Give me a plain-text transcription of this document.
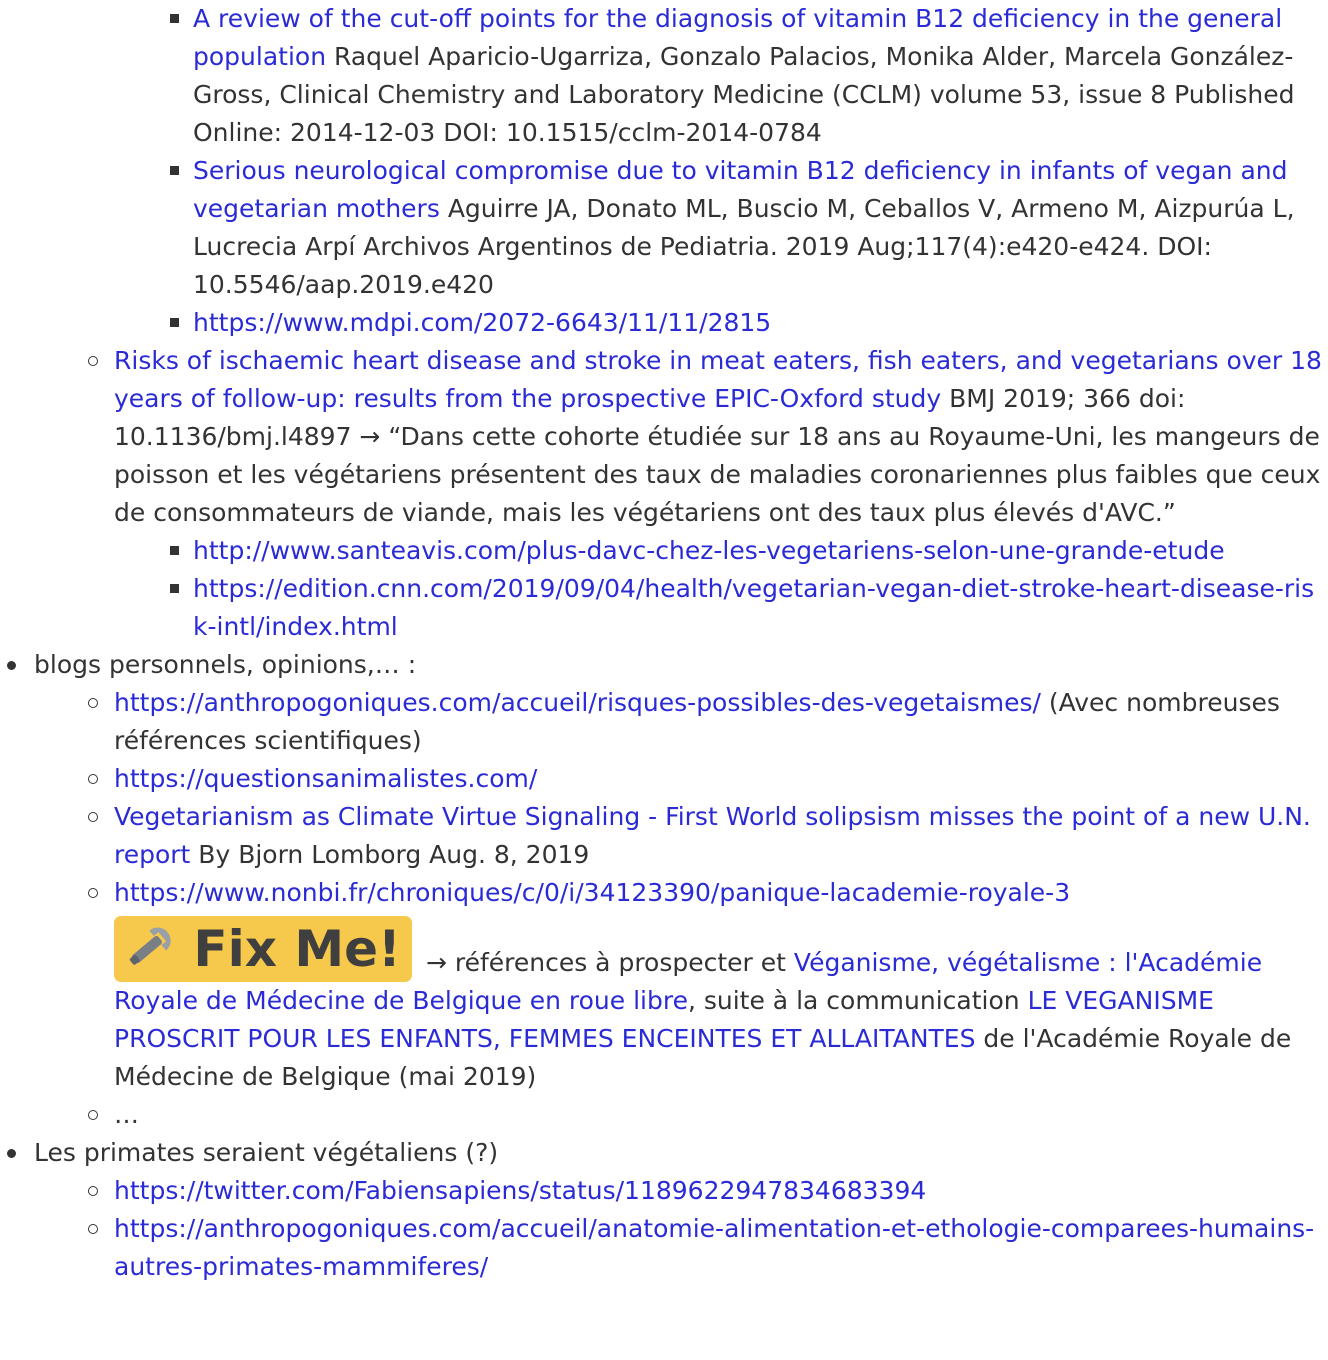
A review of the cut-off points for the diagnosis of vitamin B12 deficiency in the general population Raquel Aparicio-Ugarriza, Gonzalo Palacios, Monika Alder, Marcela González-Gross, Clinical Chemistry and Laboratory Medicine (CCLM) volume 53, issue 8 Published Online: 2014-12-03 DOI: 10.1515/cclm-2014-0784
Serious neurological compromise due to vitamin B12 deficiency in infants of vegan and vegetarian mothers Aguirre JA, Donato ML, Buscio M, Ceballos V, Armeno M, Aizpurúa L, Lucrecia Arpí Archivos Argentinos de Pediatria. 2019 Aug;117(4):e420-e424. DOI: 10.5546/aap.2019.e420
https://www.mdpi.com/2072-6643/11/11/2815
Risks of ischaemic heart disease and stroke in meat eaters, fish eaters, and vegetarians over 18 years of follow-up: results from the prospective EPIC-Oxford study BMJ 2019; 366 doi: 10.1136/bmj.l4897 → “Dans cette cohorte étudiée sur 18 ans au Royaume-Uni, les mangeurs de poisson et les végétariens présentent des taux de maladies coronariennes plus faibles que ceux de consommateurs de viande, mais les végétariens ont des taux plus élevés d'AVC.”
http://www.santeavis.com/plus-davc-chez-les-vegetariens-selon-une-grande-etude
https://edition.cnn.com/2019/09/04/health/vegetarian-vegan-diet-stroke-heart-disease-risk-intl/index.html
blogs personnels, opinions,… :
https://anthropogoniques.com/accueil/risques-possibles-des-vegetaismes/ (Avec nombreuses références scientifiques)
https://questionsanimalistes.com/
Vegetarianism as Climate Virtue Signaling - First World solipsism misses the point of a new U.N. report By Bjorn Lomborg Aug. 8, 2019
https://www.nonbi.fr/chroniques/c/0/i/34123390/panique-lacademie-royale-3
Fix Me! → références à prospecter et Véganisme, végétalisme : l'Académie Royale de Médecine de Belgique en roue libre, suite à la communication LE VEGANISME PROSCRIT POUR LES ENFANTS, FEMMES ENCEINTES ET ALLAITANTES de l'Académie Royale de Médecine de Belgique (mai 2019)
…
Les primates seraient végétaliens (?)
https://twitter.com/Fabiensapiens/status/1189622947834683394
https://anthropogoniques.com/accueil/anatomie-alimentation-et-ethologie-comparees-humains-autres-primates-mammiferes/
